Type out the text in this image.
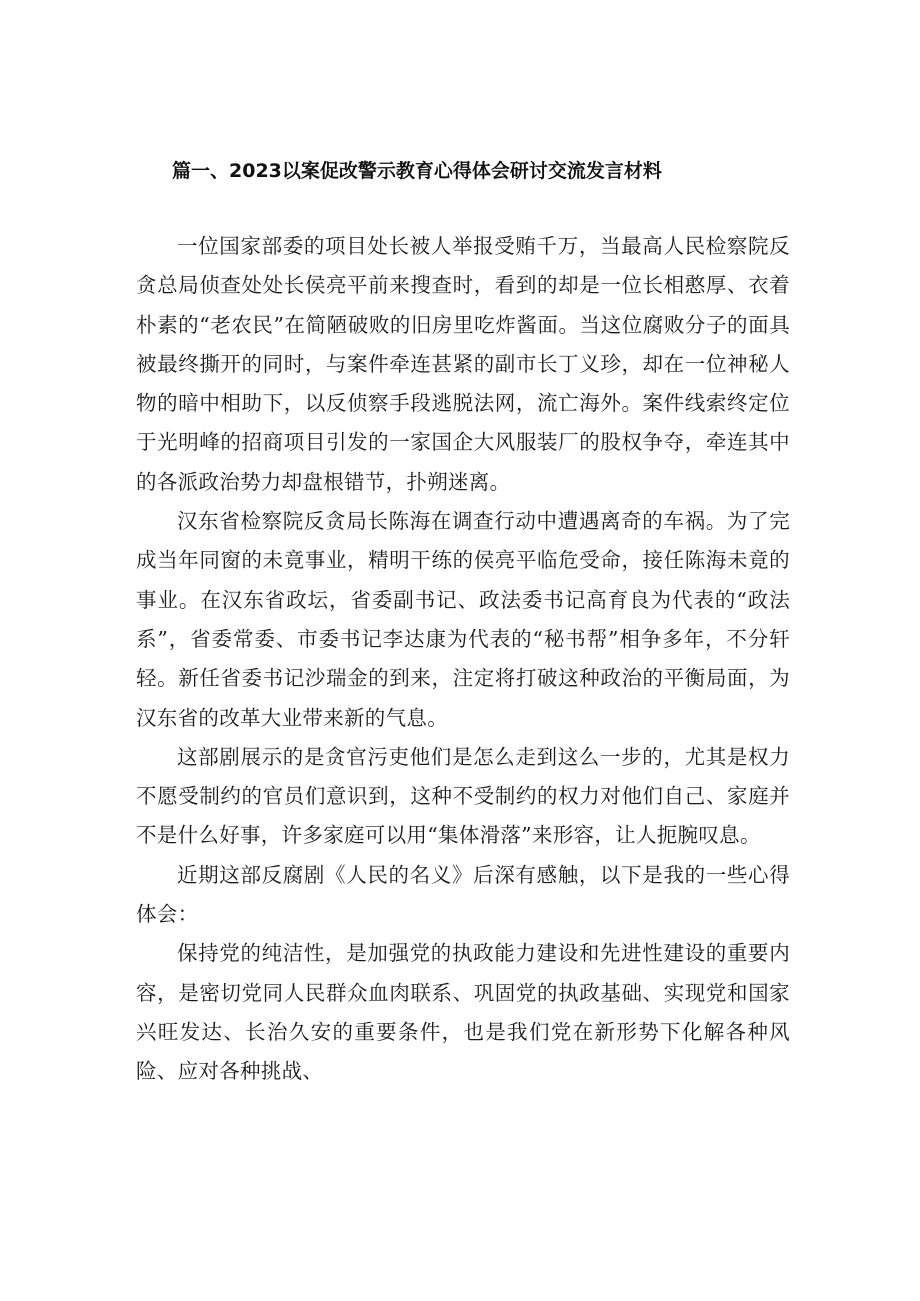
篇一、2023以案促改警示教育心得体会研讨交流发言材料

一位国家部委的项目处长被人举报受贿千万，当最高人民检察院反贪总局侦查处处长侯亮平前来搜查时，看到的却是一位长相憨厚、衣着朴素的“老农民”在简陋破败的旧房里吃炸酱面。当这位腐败分子的面具被最终撕开的同时，与案件牵连甚紧的副市长丁义珍，却在一位神秘人物的暗中相助下，以反侦察手段逃脱法网，流亡海外。案件线索终定位于光明峰的招商项目引发的一家国企大风服装厂的股权争夺，牵连其中的各派政治势力却盘根错节，扑朔迷离。

汉东省检察院反贪局长陈海在调查行动中遭遇离奇的车祸。为了完成当年同窗的未竟事业，精明干练的侯亮平临危受命，接任陈海未竟的事业。在汉东省政坛，省委副书记、政法委书记高育良为代表的“政法系”，省委常委、市委书记李达康为代表的“秘书帮”相争多年，不分轩轻。新任省委书记沙瑞金的到来，注定将打破这种政治的平衡局面，为汉东省的改革大业带来新的气息。

这部剧展示的是贪官污吏他们是怎么走到这么一步的，尤其是权力不愿受制约的官员们意识到，这种不受制约的权力对他们自己、家庭并不是什么好事，许多家庭可以用“集体滑落”来形容，让人扼腕叹息。

近期这部反腐剧《人民的名义》后深有感触，以下是我的一些心得体会：

保持党的纯洁性，是加强党的执政能力建设和先进性建设的重要内容，是密切党同人民群众血肉联系、巩固党的执政基础、实现党和国家兴旺发达、长治久安的重要条件，也是我们党在新形势下化解各种风险、应对各种挑战、
